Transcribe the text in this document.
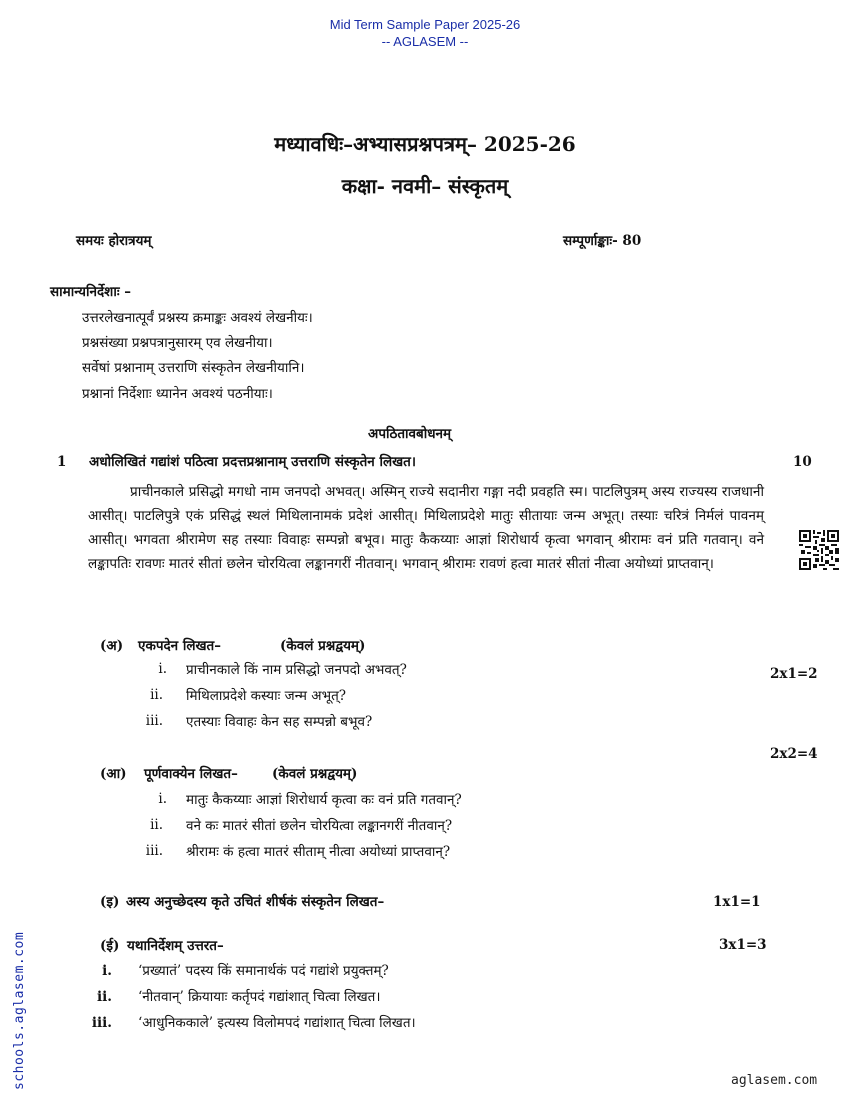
Mid Term Sample Paper 2025-26
-- AGLASEM --
मध्यावधिः–अभ्यासप्रश्नपत्रम्– 2025-26
कक्षा- नवमी– संस्कृतम्
समयः होरात्रयम्	सम्पूर्णाङ्काः- 80
सामान्यनिर्देशाः –
उत्तरलेखनात्पूर्वं प्रश्नस्य क्रमाङ्कः अवश्यं लेखनीयः।
प्रश्नसंख्या प्रश्नपत्रानुसारम् एव लेखनीया।
सर्वेषां प्रश्नानाम् उत्तराणि संस्कृतेन लेखनीयानि।
प्रश्नानां निर्देशाः ध्यानेन अवश्यं पठनीयाः।
अपठितावबोधनम्
1 अधोलिखितं गद्यांशं पठित्वा प्रदत्तप्रश्नानाम् उत्तराणि संस्कृतेन लिखत।	10
प्राचीनकाले प्रसिद्धो मगधो नाम जनपदो अभवत्। अस्मिन् राज्ये सदानीरा गङ्गा नदी प्रवहति स्म। पाटलिपुत्रम् अस्य राज्यस्य राजधानी आसीत्। पाटलिपुत्रे एकं प्रसिद्धं स्थलं मिथिलानामकं प्रदेशं आसीत्। मिथिलाप्रदेशे मातुः सीतायाः जन्म अभूत्। तस्याः चरित्रं निर्मलं पावनम् आसीत्। भगवता श्रीरामेण सह तस्याः विवाहः सम्पन्नो बभूव। मातुः कैकय्याः आज्ञां शिरोधार्य कृत्वा भगवान् श्रीरामः वनं प्रति गतवान्। वने लङ्कापतिः रावणः मातरं सीतां छलेन चोरयित्वा लङ्कानगरीं नीतवान्। भगवान् श्रीरामः रावणं हत्वा मातरं सीतां नीत्वा अयोध्यां प्राप्तवान्।
(अ) एकपदेन लिखत–	(केवलं प्रश्नद्वयम्)
2x1=2
i. प्राचीनकाले किं नाम प्रसिद्धो जनपदो अभवत्?
ii. मिथिलाप्रदेशे कस्याः जन्म अभूत्?
iii. एतस्याः विवाहः केन सह सम्पन्नो बभूव?
2x2=4
(आ) पूर्णवाक्येन लिखत–	(केवलं प्रश्नद्वयम्)
i. मातुः कैकय्याः आज्ञां शिरोधार्य कृत्वा कः वनं प्रति गतवान्?
ii. वने कः मातरं सीतां छलेन चोरयित्वा लङ्कानगरीं नीतवान्?
iii. श्रीरामः कं हत्वा मातरं सीताम् नीत्वा अयोध्यां प्राप्तवान्?
(इ) अस्य अनुच्छेदस्य कृते उचितं शीर्षकं संस्कृतेन लिखत–	1x1=1
(ई) यथानिर्देशम् उत्तरत–	3x1=3
i. ‘प्रख्यातं’ पदस्य किं समानार्थकं पदं गद्यांशे प्रयुक्तम्?
ii. ‘नीतवान्’ क्रियायाः कर्तृपदं गद्यांशात् चित्वा लिखत।
iii. ‘आधुनिककाले’ इत्यस्य विलोमपदं गद्यांशात् चित्वा लिखत।
schools.aglasem.com	aglasem.com
